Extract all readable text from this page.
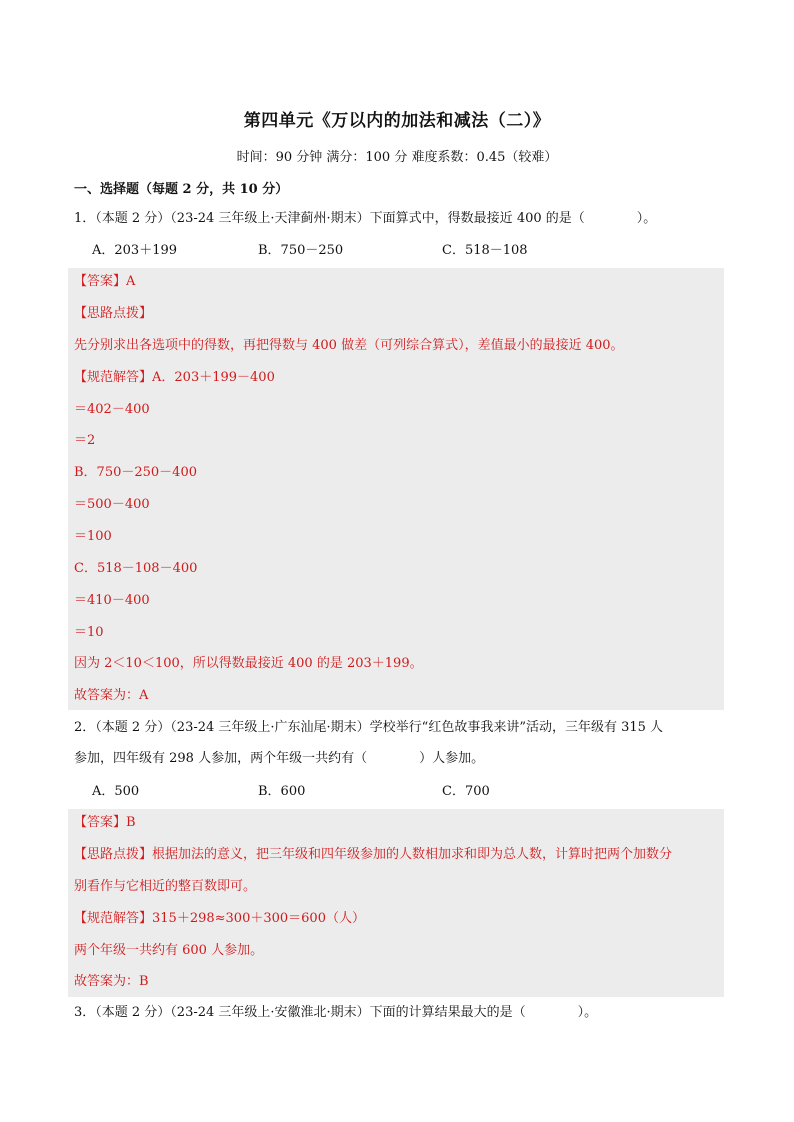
第四单元《万以内的加法和减法（二）》
时间：90 分钟 满分：100 分 难度系数：0.45（较难）
一、选择题（每题 2 分，共 10 分）
1．（本题 2 分）（23-24 三年级上·天津蓟州·期末）下面算式中，得数最接近 400 的是（　　　　）。
A．203＋199	B．750－250	C．518－108
【答案】A
【思路点拨】
先分别求出各选项中的得数，再把得数与 400 做差（可列综合算式），差值最小的最接近 400。
【规范解答】A．203＋199－400
＝402－400
＝2
B．750－250－400
＝500－400
＝100
C．518－108－400
＝410－400
＝10
因为 2＜10＜100，所以得数最接近 400 的是 203＋199。
故答案为：A
2．（本题 2 分）（23-24 三年级上·广东汕尾·期末）学校举行“红色故事我来讲”活动，三年级有 315 人
参加，四年级有 298 人参加，两个年级一共约有（　　　　）人参加。
A．500	B．600	C．700
【答案】B
【思路点拨】根据加法的意义，把三年级和四年级参加的人数相加求和即为总人数，计算时把两个加数分
别看作与它相近的整百数即可。
【规范解答】315＋298≈300＋300＝600（人）
两个年级一共约有 600 人参加。
故答案为：B
3．（本题 2 分）（23-24 三年级上·安徽淮北·期末）下面的计算结果最大的是（　　　　）。
